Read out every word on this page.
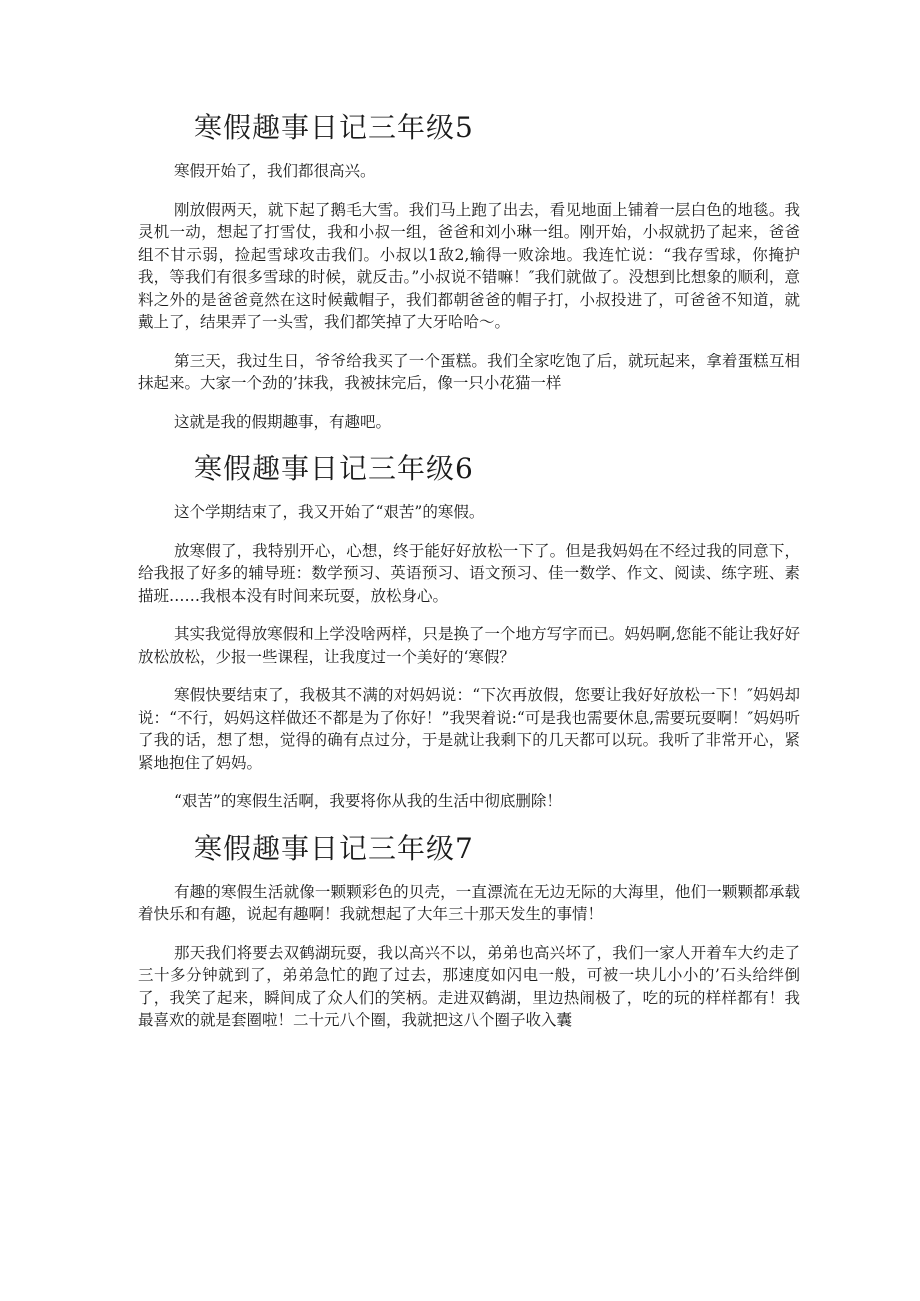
寒假趣事日记三年级5

寒假开始了，我们都很高兴。

刚放假两天，就下起了鹅毛大雪。我们马上跑了出去，看见地面上铺着一层白色的地毯。我灵机一动，想起了打雪仗，我和小叔一组，爸爸和刘小琳一组。刚开始，小叔就扔了起来，爸爸组不甘示弱，捡起雪球攻击我们。小叔以1敌2,输得一败涂地。我连忙说：“我存雪球，你掩护我，等我们有很多雪球的时候，就反击。”小叔说不错嘛！″我们就做了。没想到比想象的顺利，意料之外的是爸爸竟然在这时候戴帽子，我们都朝爸爸的帽子打，小叔投进了，可爸爸不知道，就戴上了，结果弄了一头雪，我们都笑掉了大牙哈哈～。

第三天，我过生日，爷爷给我买了一个蛋糕。我们全家吃饱了后，就玩起来，拿着蛋糕互相抹起来。大家一个劲的’抹我，我被抹完后，像一只小花猫一样

这就是我的假期趣事，有趣吧。

寒假趣事日记三年级6

这个学期结束了，我又开始了“艰苦”的寒假。

放寒假了，我特别开心，心想，终于能好好放松一下了。但是我妈妈在不经过我的同意下，给我报了好多的辅导班：数学预习、英语预习、语文预习、佳一数学、作文、阅读、练字班、素描班……我根本没有时间来玩耍，放松身心。

其实我觉得放寒假和上学没啥两样，只是换了一个地方写字而已。妈妈啊,您能不能让我好好放松放松，少报一些课程，让我度过一个美好的‘寒假？

寒假快要结束了，我极其不满的对妈妈说：“下次再放假，您要让我好好放松一下！″妈妈却说：“不行，妈妈这样做还不都是为了你好！”我哭着说:“可是我也需要休息,需要玩耍啊！″妈妈听了我的话，想了想，觉得的确有点过分，于是就让我剩下的几天都可以玩。我听了非常开心，紧紧地抱住了妈妈。

“艰苦”的寒假生活啊，我要将你从我的生活中彻底删除！

寒假趣事日记三年级7

有趣的寒假生活就像一颗颗彩色的贝壳，一直漂流在无边无际的大海里，他们一颗颗都承载着快乐和有趣，说起有趣啊！我就想起了大年三十那天发生的事情！

那天我们将要去双鹤湖玩耍，我以高兴不以，弟弟也高兴坏了，我们一家人开着车大约走了三十多分钟就到了，弟弟急忙的跑了过去，那速度如闪电一般，可被一块儿小小的’石头给绊倒了，我笑了起来，瞬间成了众人们的笑柄。走进双鹤湖，里边热闹极了，吃的玩的样样都有！我最喜欢的就是套圈啦！二十元八个圈，我就把这八个圈子收入囊
